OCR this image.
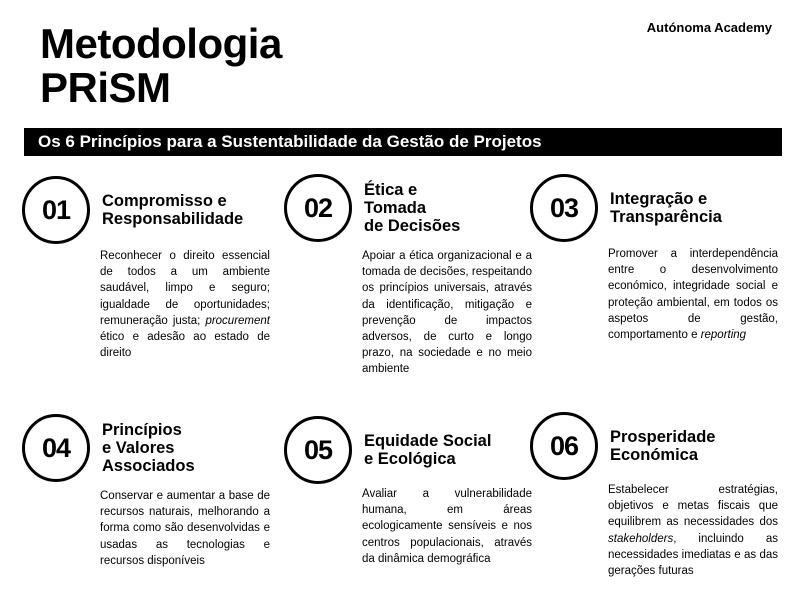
Metodologia
PRiSM
Autónoma Academy
Os 6 Princípios para a Sustentabilidade da Gestão de Projetos
01	Compromisso e
Responsabilidade
Reconhecer o direito essencial de todos a um ambiente saudável, limpo e seguro; igualdade de oportunidades; remuneração justa; procurement ético e adesão ao estado de direito
02
Ética e
Tomada
de Decisões
Apoiar a ética organizacional e a tomada de decisões, respeitando os princípios universais, através da identificação, mitigação e prevenção de impactos adversos, de curto e longo prazo, na sociedade e no meio ambiente
03	Integração e
Transparência
Promover a interdependência entre o desenvolvimento económico, integridade social e proteção ambiental, em todos os aspetos de gestão, comportamento e reporting
04
Princípios
e Valores
Associados
Conservar e aumentar a base de recursos naturais, melhorando a forma como são desenvolvidas e usadas as tecnologias e recursos disponíveis
05	Equidade Social
e Ecológica
Avaliar a vulnerabilidade humana, em áreas ecologicamente sensíveis e nos centros populacionais, através da dinâmica demográfica
06	Prosperidade
Económica
Estabelecer estratégias, objetivos e metas fiscais que equilibrem as necessidades dos stakeholders, incluindo as necessidades imediatas e as das gerações futuras
